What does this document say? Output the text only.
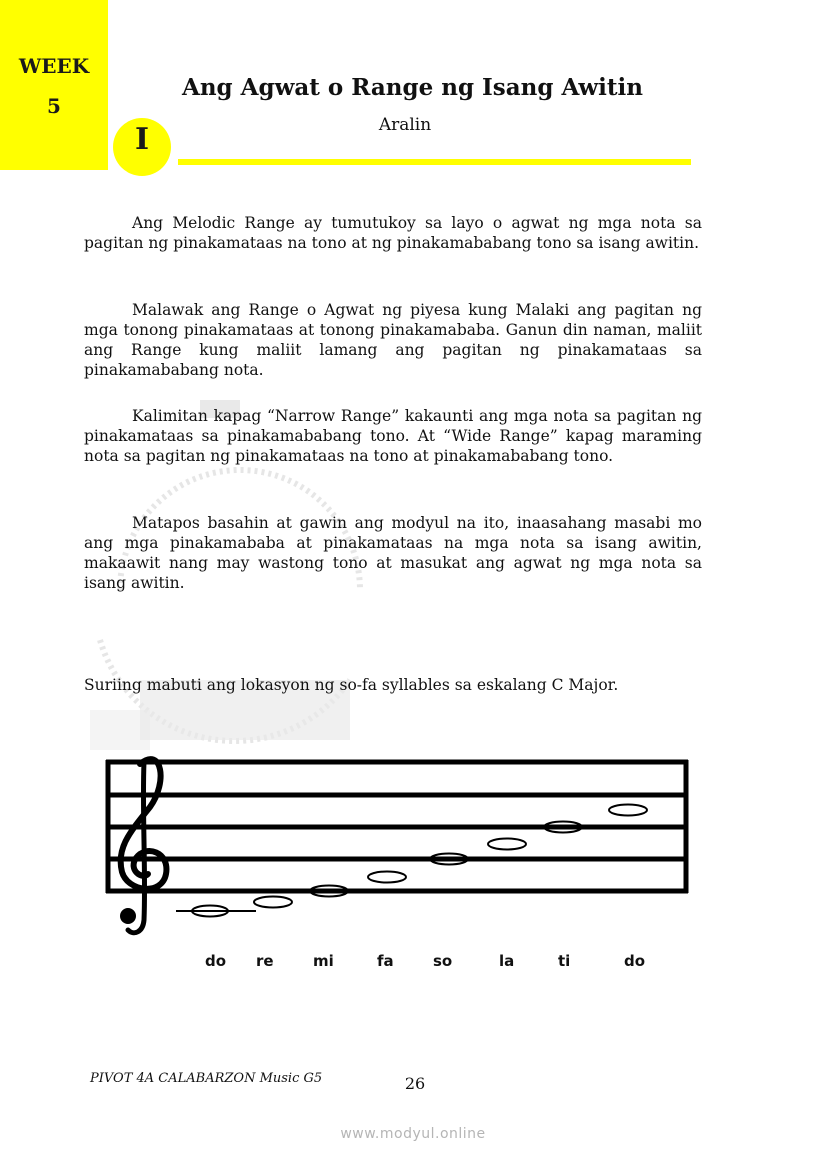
WEEK
5
I
Ang Agwat o Range ng Isang Awitin
Aralin

Ang Melodic Range ay tumutukoy sa layo o agwat ng mga nota sa pagitan ng pinakamataas na tono at ng pinakamababang tono sa isang awitin.

Malawak ang Range o Agwat ng piyesa kung Malaki ang pagitan ng mga tonong pinakamataas at tonong pinakamababa. Ganun din naman, maliit ang Range kung maliit lamang ang pagitan ng pinakamataas sa pinakamababang nota.

Kalimitan kapag “Narrow Range” kakaunti ang mga nota sa pagitan ng pinakamataas sa pinakamababang tono. At “Wide Range” kapag maraming nota sa pagitan ng pinakamataas na tono at pinakamababang tono.

Matapos basahin at gawin ang modyul na ito, inaasahang masabi mo ang mga pinakamababa at pinakamataas na mga nota sa isang awitin, makaawit nang may wastong tono at masukat ang agwat ng mga nota sa isang awitin.

Suriing mabuti ang lokasyon ng so-fa syllables sa eskalang C Major.
do re	mi	fa	so	la	ti	do
PIVOT 4A CALABARZON Music G5	26
www.modyul.online
